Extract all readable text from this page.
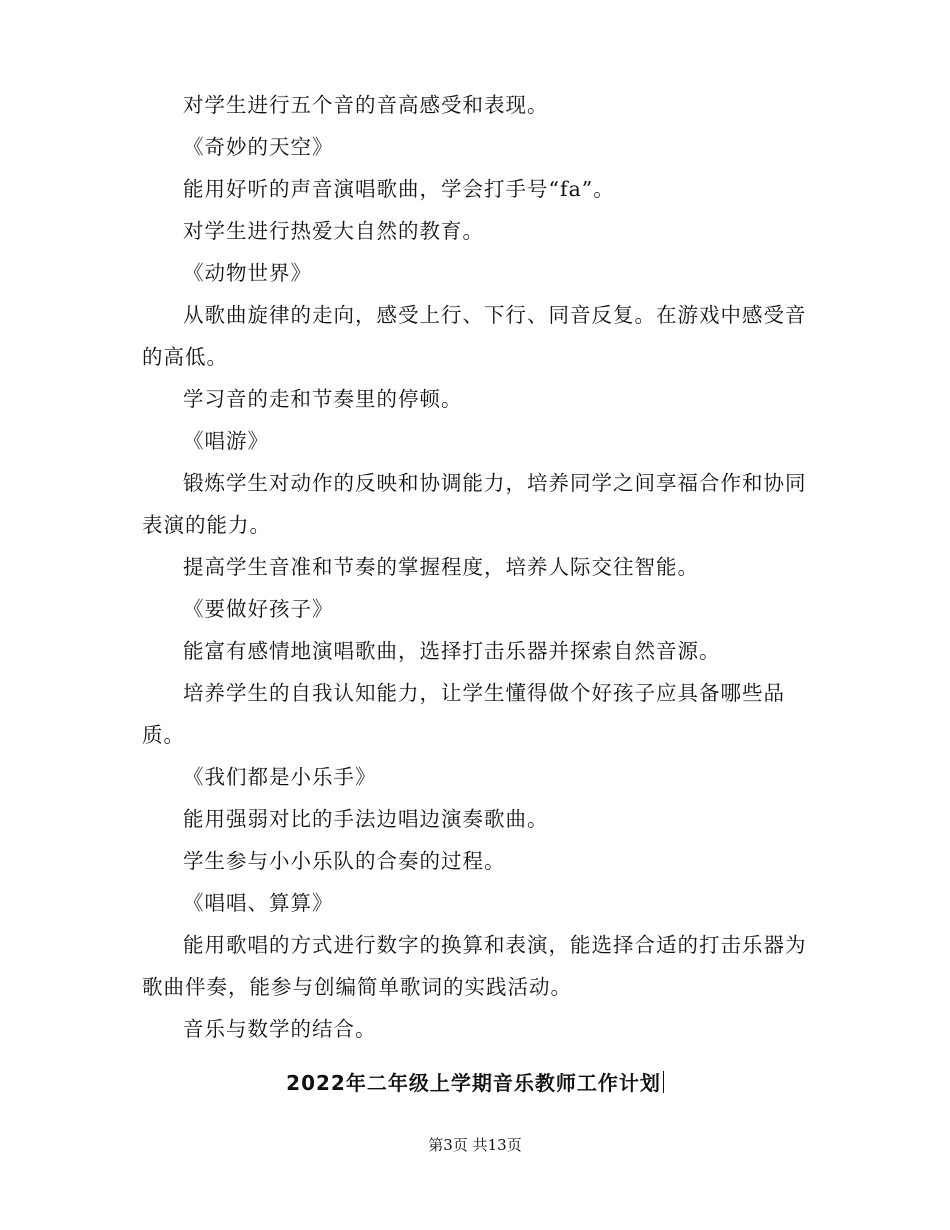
对学生进行五个音的音高感受和表现。

《奇妙的天空》

能用好听的声音演唱歌曲，学会打手号“fa”。

对学生进行热爱大自然的教育。

《动物世界》

从歌曲旋律的走向，感受上行、下行、同音反复。在游戏中感受音的高低。

学习音的走和节奏里的停顿。

《唱游》

锻炼学生对动作的反映和协调能力，培养同学之间享福合作和协同表演的能力。

提高学生音准和节奏的掌握程度，培养人际交往智能。

《要做好孩子》

能富有感情地演唱歌曲，选择打击乐器并探索自然音源。

培养学生的自我认知能力，让学生懂得做个好孩子应具备哪些品质。

《我们都是小乐手》

能用强弱对比的手法边唱边演奏歌曲。

学生参与小小乐队的合奏的过程。

《唱唱、算算》

能用歌唱的方式进行数字的换算和表演，能选择合适的打击乐器为歌曲伴奏，能参与创编简单歌词的实践活动。

音乐与数学的结合。

2022年二年级上学期音乐教师工作计划
第3页 共13页
